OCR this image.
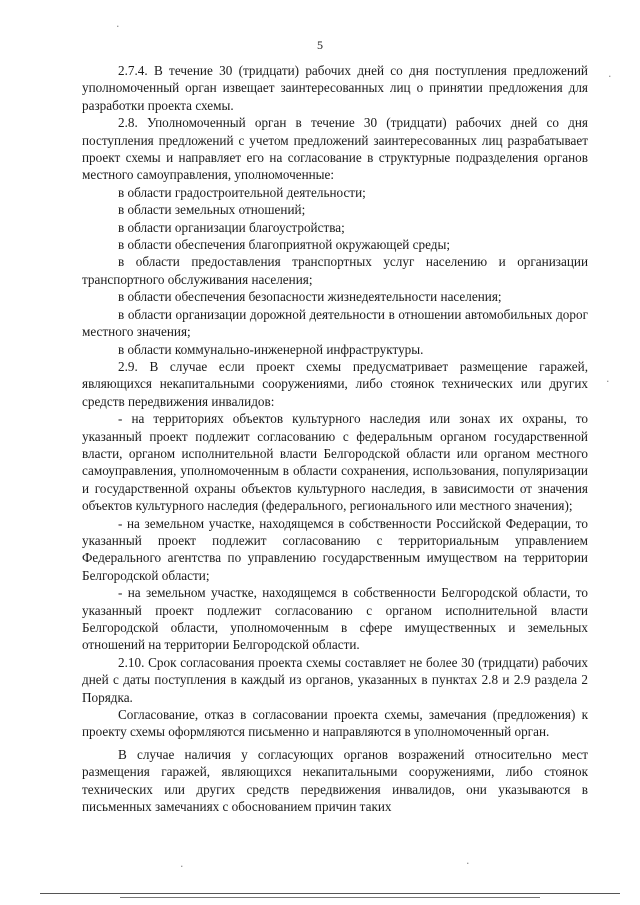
5

2.7.4. В течение 30 (тридцати) рабочих дней со дня поступления предложений уполномоченный орган извещает заинтересованных лиц о принятии предложения для разработки проекта схемы.

2.8. Уполномоченный орган в течение 30 (тридцати) рабочих дней со дня поступления предложений с учетом предложений заинтересованных лиц разрабатывает проект схемы и направляет его на согласование в структурные подразделения органов местного самоуправления, уполномоченные:

в области градостроительной деятельности;

в области земельных отношений;

в области организации благоустройства;

в области обеспечения благоприятной окружающей среды;

в области предоставления транспортных услуг населению и организации транспортного обслуживания населения;

в области обеспечения безопасности жизнедеятельности населения;

в области организации дорожной деятельности в отношении автомобильных дорог местного значения;

в области коммунально-инженерной инфраструктуры.

2.9. В случае если проект схемы предусматривает размещение гаражей, являющихся некапитальными сооружениями, либо стоянок технических или других средств передвижения инвалидов:

- на территориях объектов культурного наследия или зонах их охраны, то указанный проект подлежит согласованию с федеральным органом государственной власти, органом исполнительной власти Белгородской области или органом местного самоуправления, уполномоченным в области сохранения, использования, популяризации и государственной охраны объектов культурного наследия, в зависимости от значения объектов культурного наследия (федерального, регионального или местного значения);

- на земельном участке, находящемся в собственности Российской Федерации, то указанный проект подлежит согласованию с территориальным управлением Федерального агентства по управлению государственным имуществом на территории Белгородской области;

- на земельном участке, находящемся в собственности Белгородской области, то указанный проект подлежит согласованию с органом исполнительной власти Белгородской области, уполномоченным в сфере имущественных и земельных отношений на территории Белгородской области.

2.10. Срок согласования проекта схемы составляет не более 30 (тридцати) рабочих дней с даты поступления в каждый из органов, указанных в пунктах 2.8 и 2.9 раздела 2 Порядка.

Согласование, отказ в согласовании проекта схемы, замечания (предложения) к проекту схемы оформляются письменно и направляются в уполномоченный орган.

В случае наличия у согласующих органов возражений относительно мест размещения гаражей, являющихся некапитальными сооружениями, либо стоянок технических или других средств передвижения инвалидов, они указываются в письменных замечаниях с обоснованием причин таких

·
·
·
·	·
